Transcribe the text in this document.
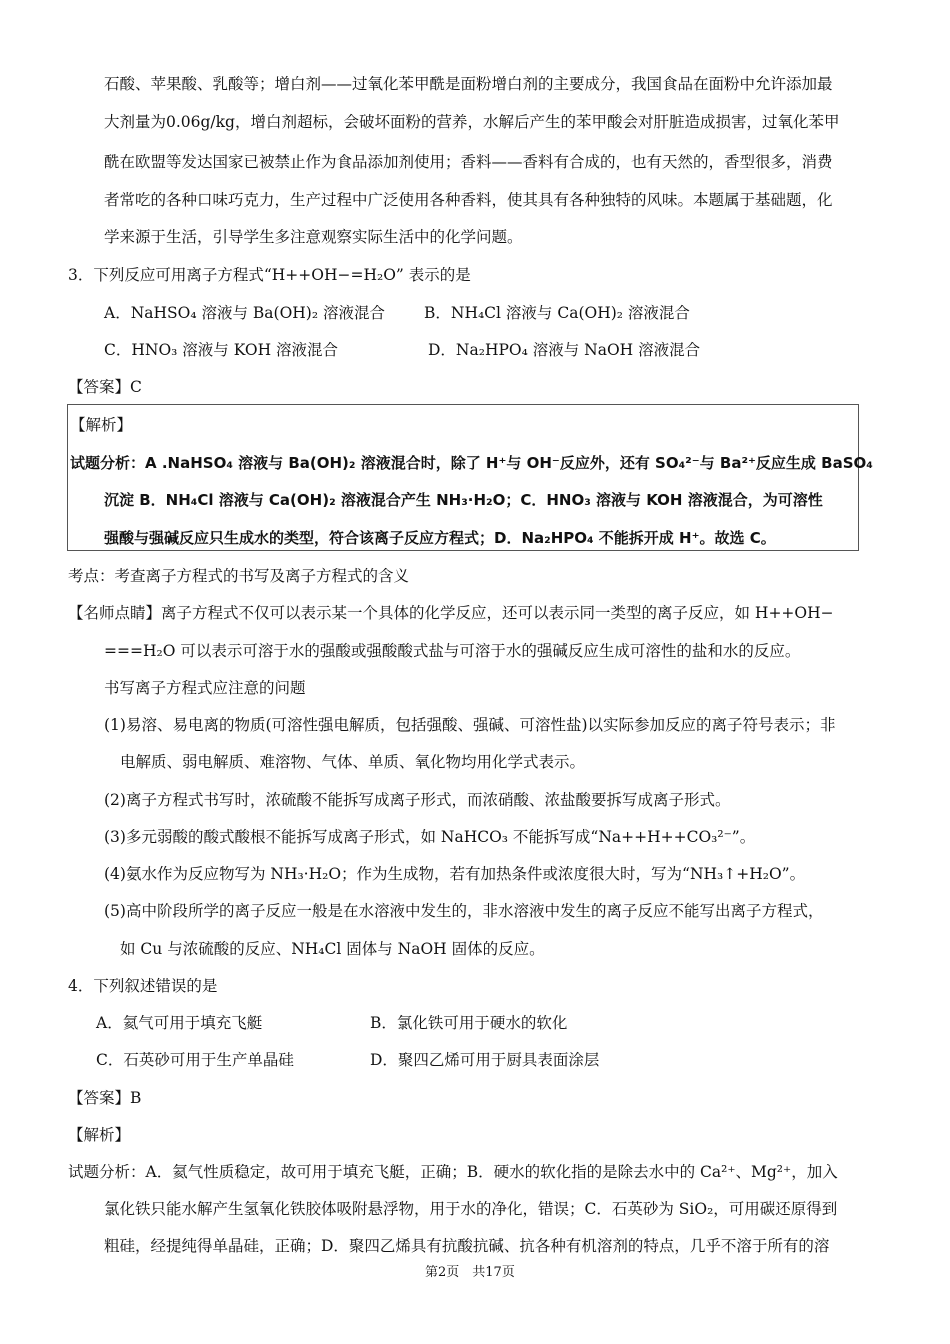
石酸、苹果酸、乳酸等；增白剂——过氧化苯甲酰是面粉增白剂的主要成分，我国食品在面粉中允许添加最
大剂量为0.06g/kg，增白剂超标，会破坏面粉的营养，水解后产生的苯甲酸会对肝脏造成损害，过氧化苯甲
酰在欧盟等发达国家已被禁止作为食品添加剂使用；香料——香料有合成的，也有天然的，香型很多，消费
者常吃的各种口味巧克力，生产过程中广泛使用各种香料，使其具有各种独特的风味。本题属于基础题，化
学来源于生活，引导学生多注意观察实际生活中的化学问题。
3．下列反应可用离子方程式“H++OH−=H₂O” 表示的是
A．NaHSO₄ 溶液与 Ba(OH)₂ 溶液混合	B．NH₄Cl 溶液与 Ca(OH)₂ 溶液混合
C．HNO₃ 溶液与 KOH 溶液混合	D．Na₂HPO₄ 溶液与 NaOH 溶液混合
【答案】C
【解析】
试题分析：A .NaHSO₄ 溶液与 Ba(OH)₂ 溶液混合时，除了 H⁺与 OH⁻反应外，还有 SO₄²⁻与 Ba²⁺反应生成 BaSO₄
沉淀 B．NH₄Cl 溶液与 Ca(OH)₂ 溶液混合产生 NH₃·H₂O；C．HNO₃ 溶液与 KOH 溶液混合，为可溶性
强酸与强碱反应只生成水的类型，符合该离子反应方程式；D．Na₂HPO₄ 不能拆开成 H⁺。故选 C。
考点：考查离子方程式的书写及离子方程式的含义
【名师点睛】离子方程式不仅可以表示某一个具体的化学反应，还可以表示同一类型的离子反应，如 H++OH−
===H₂O 可以表示可溶于水的强酸或强酸酸式盐与可溶于水的强碱反应生成可溶性的盐和水的反应。
书写离子方程式应注意的问题
(1)易溶、易电离的物质(可溶性强电解质，包括强酸、强碱、可溶性盐)以实际参加反应的离子符号表示；非
电解质、弱电解质、难溶物、气体、单质、氧化物均用化学式表示。
(2)离子方程式书写时，浓硫酸不能拆写成离子形式，而浓硝酸、浓盐酸要拆写成离子形式。
(3)多元弱酸的酸式酸根不能拆写成离子形式，如 NaHCO₃ 不能拆写成“Na++H++CO₃²⁻”。
(4)氨水作为反应物写为 NH₃·H₂O；作为生成物，若有加热条件或浓度很大时，写为“NH₃↑+H₂O”。
(5)高中阶段所学的离子反应一般是在水溶液中发生的，非水溶液中发生的离子反应不能写出离子方程式，
如 Cu 与浓硫酸的反应、NH₄Cl 固体与 NaOH 固体的反应。
4．下列叙述错误的是
A．氦气可用于填充飞艇	B．氯化铁可用于硬水的软化
C．石英砂可用于生产单晶硅	D．聚四乙烯可用于厨具表面涂层
【答案】B
【解析】
试题分析：A．氦气性质稳定，故可用于填充飞艇，正确；B．硬水的软化指的是除去水中的 Ca²⁺、Mg²⁺，加入
氯化铁只能水解产生氢氧化铁胶体吸附悬浮物，用于水的净化，错误；C．石英砂为 SiO₂，可用碳还原得到
粗硅，经提纯得单晶硅，正确；D．聚四乙烯具有抗酸抗碱、抗各种有机溶剂的特点，几乎不溶于所有的溶
第2页　共17页
